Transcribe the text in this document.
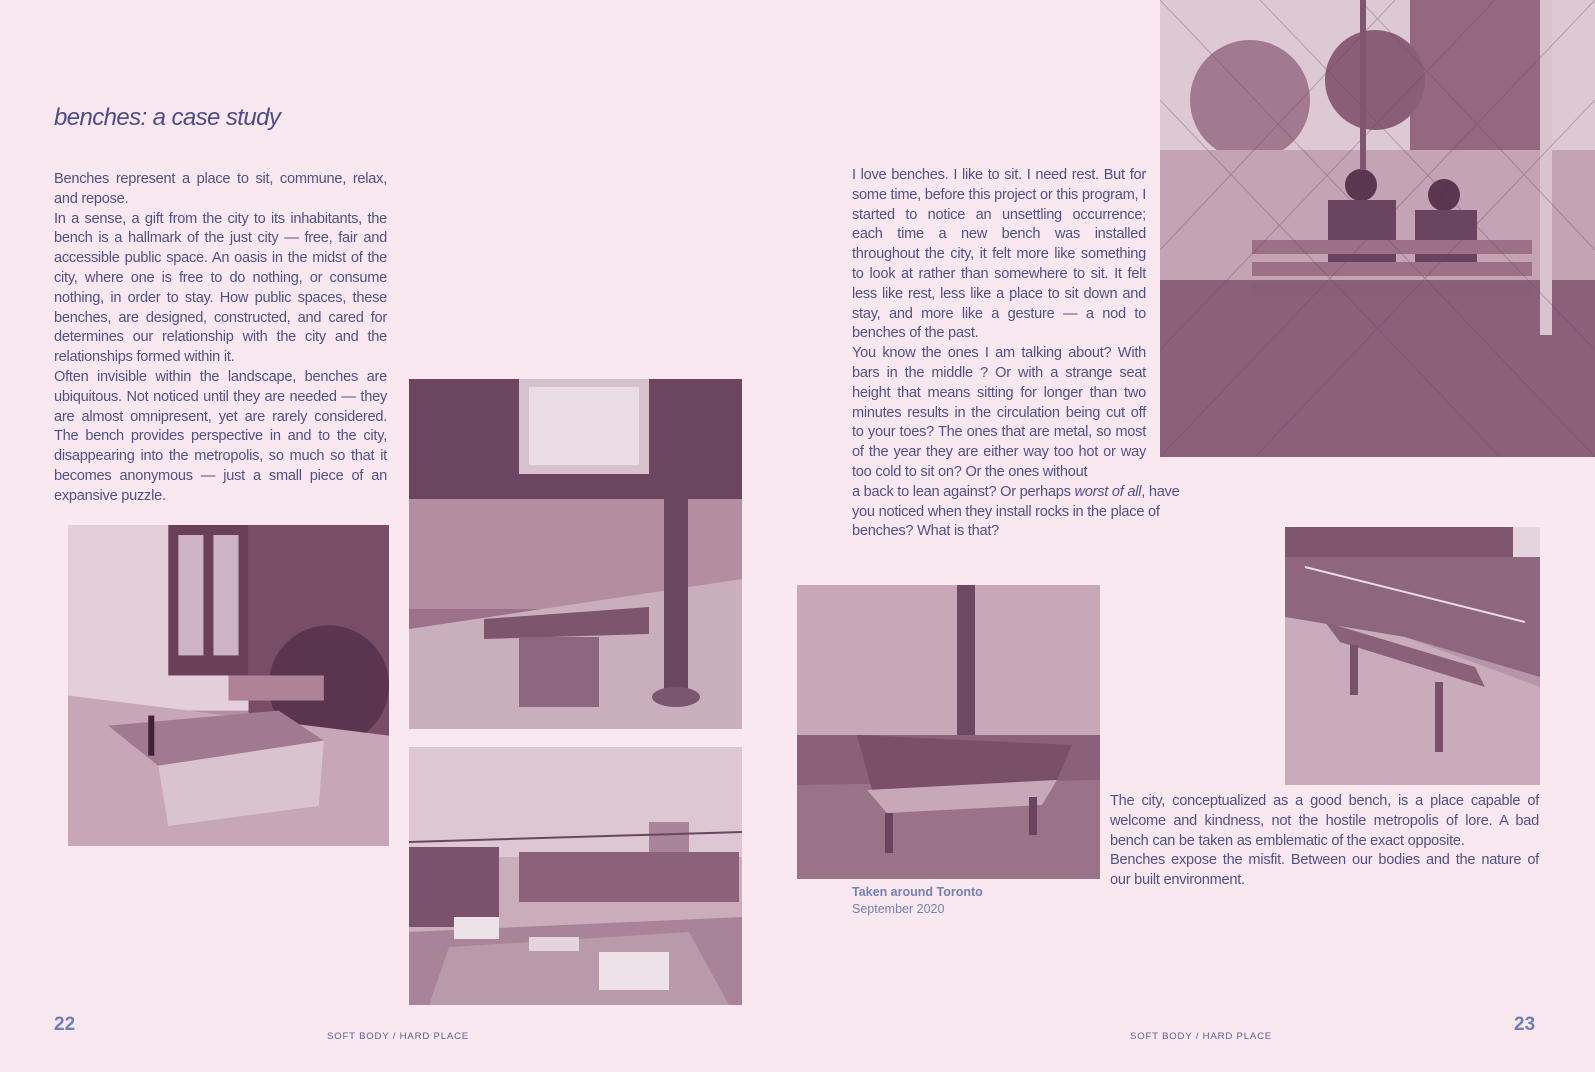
benches: a case study

Benches represent a place to sit, commune, relax, and repose.

In a sense, a gift from the city to its inhabitants, the bench is a hallmark of the just city — free, fair and accessible public space. An oasis in the midst of the city, where one is free to do nothing, or consume nothing, in order to stay. How public spaces, these benches, are designed, constructed, and cared for determines our relationship with the city and the relationships formed within it.

Often invisible within the landscape, benches are ubiquitous. Not noticed until they are needed — they are almost omnipresent, yet are rarely considered. The bench provides perspective in and to the city, disappearing into the metropolis, so much so that it becomes anonymous — just a small piece of an expansive puzzle.

22
SOFT BODY / HARD PLACE

I love benches. I like to sit. I need rest. But for some time, before this project or this program, I started to notice an unsettling occurrence; each time a new bench was installed throughout the city, it felt more like something to look at rather than somewhere to sit. It felt less like rest, less like a place to sit down and stay, and more like a gesture — a nod to benches of the past.

You know the ones I am talking about? With bars in the middle ? Or with a strange seat height that means sitting for longer than two minutes results in the circulation being cut off to your toes? The ones that are metal, so most of the year they are either way too hot or way too cold to sit on? Or the ones without

a back to lean against? Or perhaps worst of all, have you noticed when they install rocks in the place of benches? What is that?

Taken around Toronto
September 2020

The city, conceptualized as a good bench, is a place capable of welcome and kindness, not the hostile metropolis of lore. A bad bench can be taken as emblematic of the exact opposite.

Benches expose the misfit. Between our bodies and the nature of our built environment.

SOFT BODY / HARD PLACE
23
